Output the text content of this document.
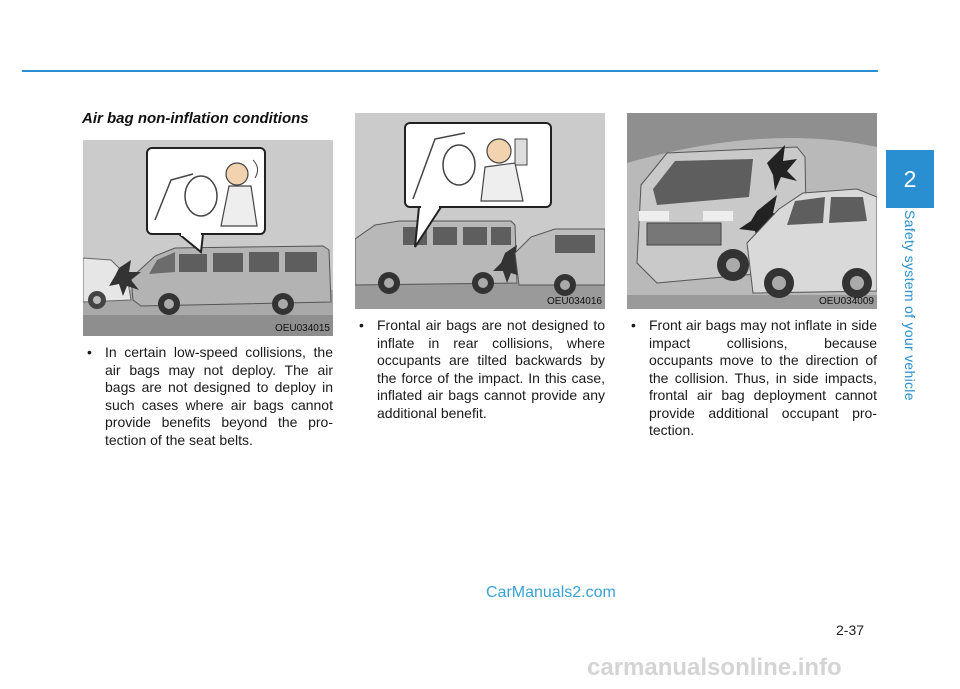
Air bag non-inflation conditions
OEU034015
OEU034016	OEU034009
• In certain low-speed collisions, the air bags may not deploy. The air bags are not designed to deploy in such cases where air bags cannot provide benefits beyond the pro-tection of the seat belts.
• Frontal air bags are not designed to inflate in rear collisions, where occupants are tilted backwards by the force of the impact. In this case, inflated air bags cannot provide any additional benefit.
• Front air bags may not inflate in side impact collisions, because occupants move to the direction of the collision. Thus, in side impacts, frontal air bag deployment cannot provide additional occupant pro-tection.
2
Safety system of your vehicle
2-37
CarManuals2.com
carmanualsonline.info
